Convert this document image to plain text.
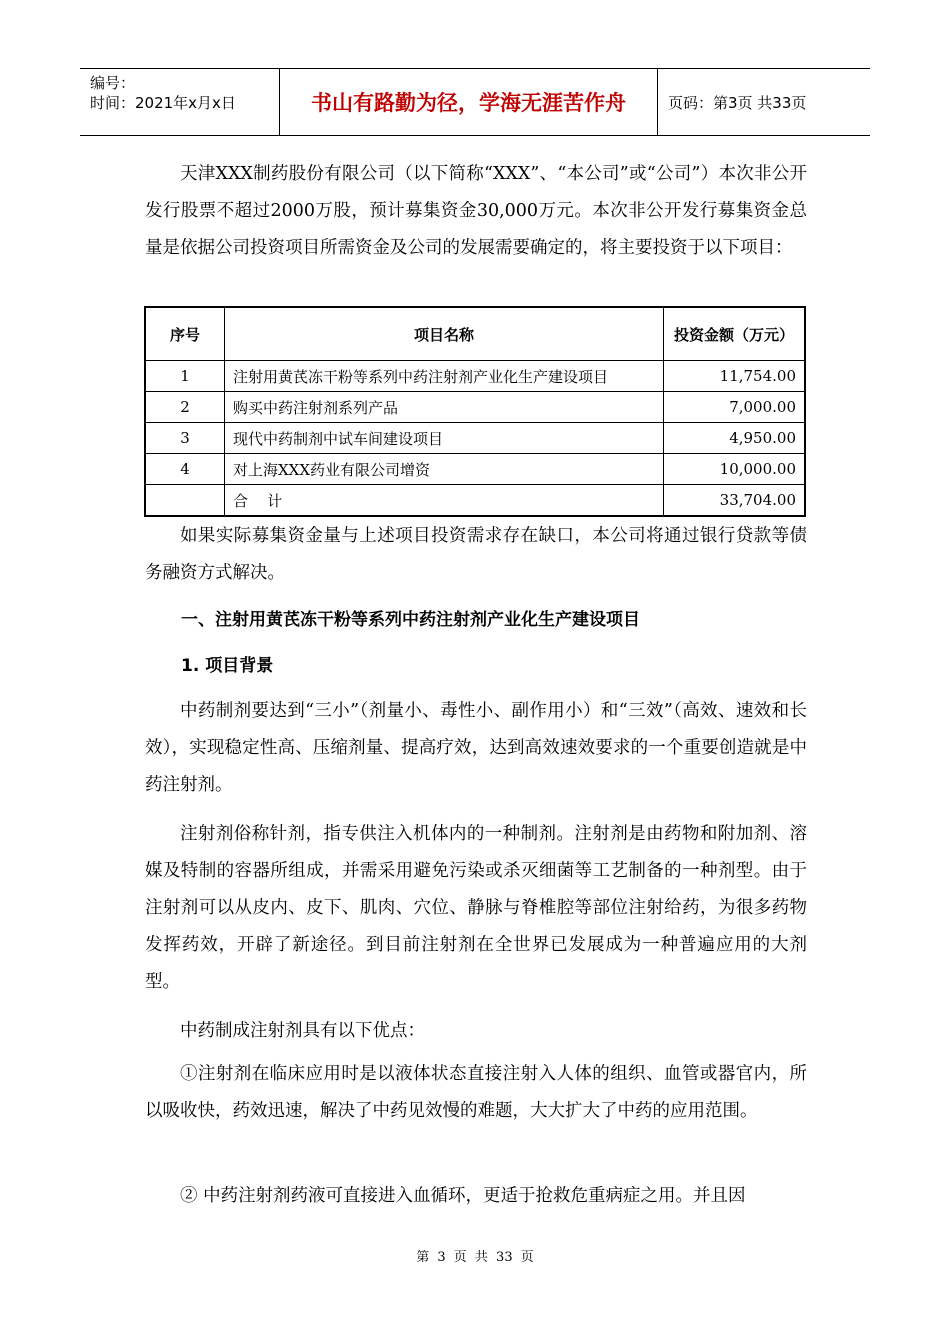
编号：
时间：2021年x月x日	书山有路勤为径，学海无涯苦作舟	页码：第3页 共33页

天津XXX制药股份有限公司（以下简称“XXX”、“本公司”或“公司”）本次非公开发行股票不超过2000万股，预计募集资金30,000万元。本次非公开发行募集资金总量是依据公司投资项目所需资金及公司的发展需要确定的，将主要投资于以下项目：

序号	项目名称	投资金额（万元）
1	注射用黄芪冻干粉等系列中药注射剂产业化生产建设项目	11,754.00
2	购买中药注射剂系列产品	7,000.00
3	现代中药制剂中试车间建设项目	4,950.00
4	对上海XXX药业有限公司增资	10,000.00
	合    计	33,704.00

如果实际募集资金量与上述项目投资需求存在缺口，本公司将通过银行贷款等债务融资方式解决。

一、注射用黄芪冻干粉等系列中药注射剂产业化生产建设项目
1. 项目背景

中药制剂要达到“三小”（剂量小、毒性小、副作用小）和“三效”（高效、速效和长效），实现稳定性高、压缩剂量、提高疗效，达到高效速效要求的一个重要创造就是中药注射剂。

注射剂俗称针剂，指专供注入机体内的一种制剂。注射剂是由药物和附加剂、溶媒及特制的容器所组成，并需采用避免污染或杀灭细菌等工艺制备的一种剂型。由于注射剂可以从皮内、皮下、肌肉、穴位、静脉与脊椎腔等部位注射给药，为很多药物发挥药效，开辟了新途径。到目前注射剂在全世界已发展成为一种普遍应用的大剂型。

中药制成注射剂具有以下优点：

①注射剂在临床应用时是以液体状态直接注射入人体的组织、血管或器官内，所以吸收快，药效迅速，解决了中药见效慢的难题，大大扩大了中药的应用范围。

② 中药注射剂药液可直接进入血循环，更适于抢救危重病症之用。并且因

第 3 页 共 33 页
